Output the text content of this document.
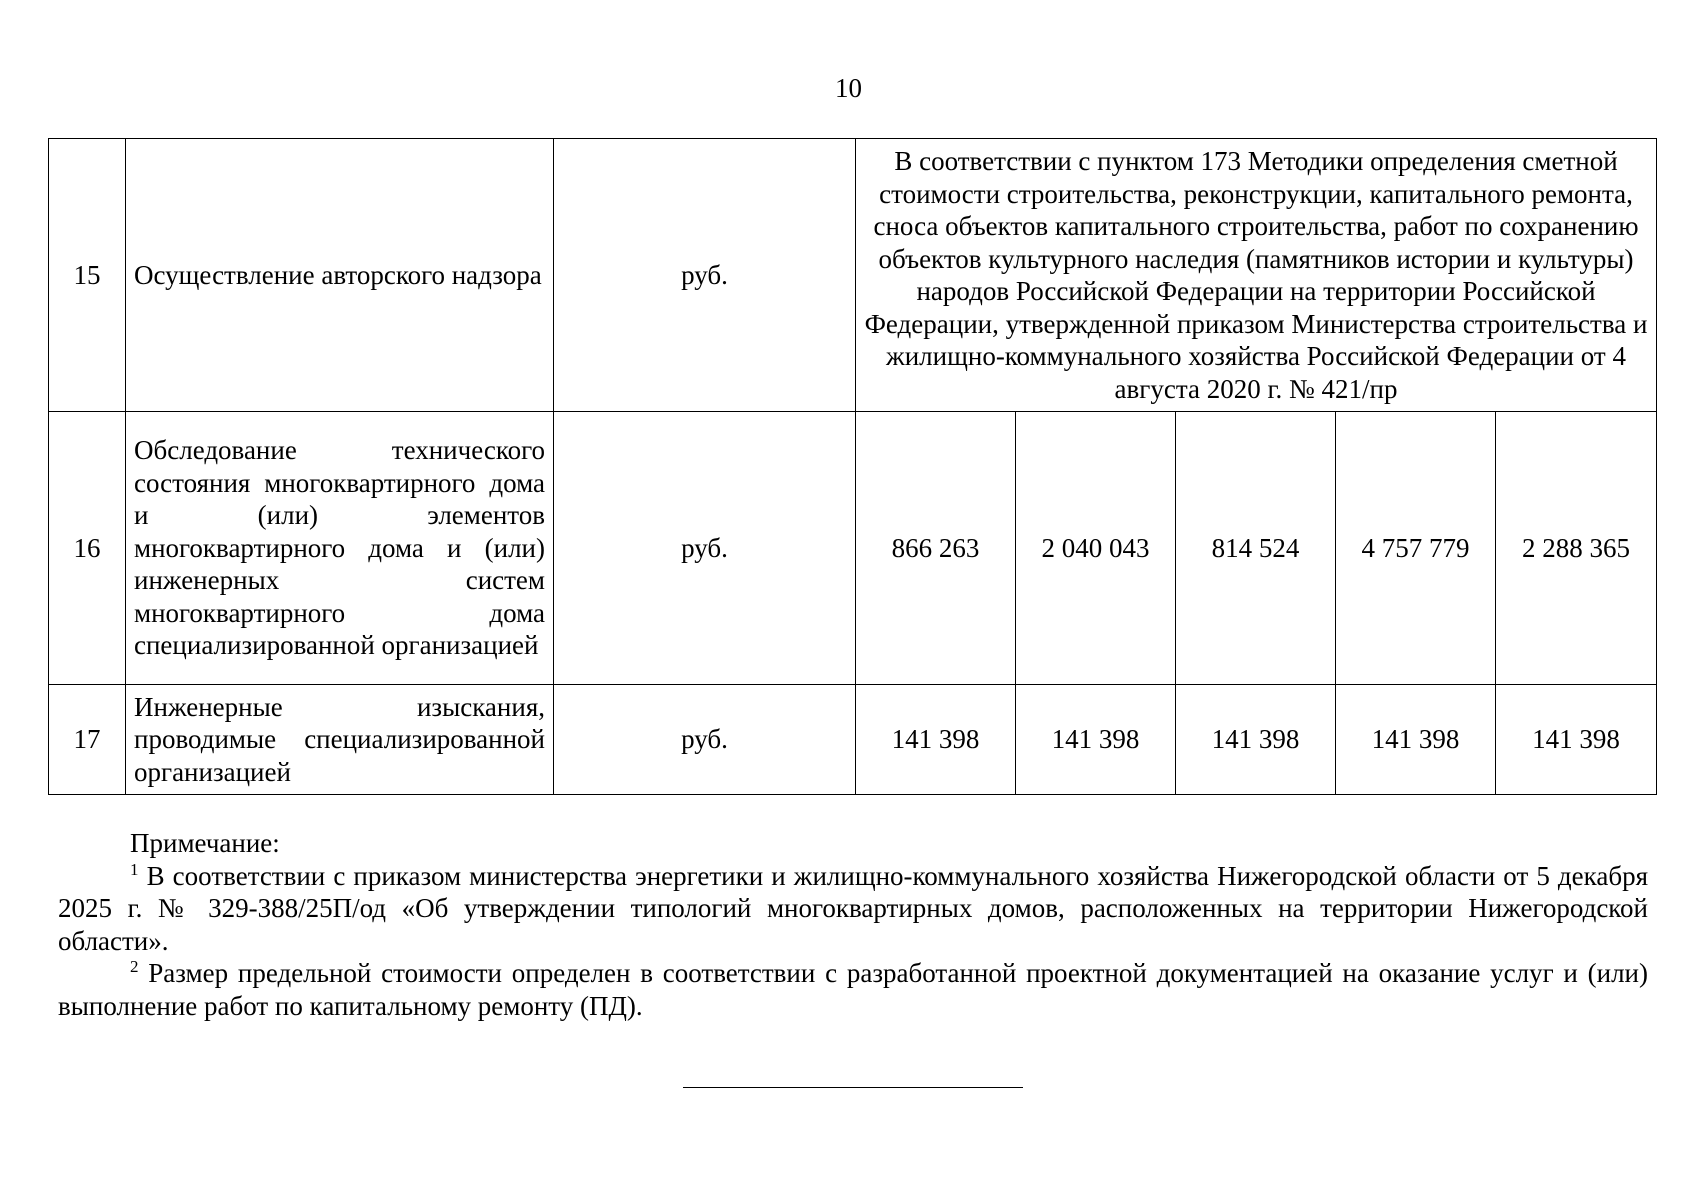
10
15	Осуществление авторского надзора	руб.	В соответствии с пунктом 173 Методики определения сметной стоимости строительства, реконструкции, капитального ремонта, сноса объектов капитального строительства, работ по сохранению объектов культурного наследия (памятников истории и культуры) народов Российской Федерации на территории Российской Федерации, утвержденной приказом Министерства строительства и жилищно-коммунального хозяйства Российской Федерации от 4 августа 2020 г. № 421/пр				
16	Обследование технического состояния многоквартирного дома и (или) элементов многоквартирного дома и (или) инженерных систем многоквартирного дома специализированной организацией	руб.	866 263	2 040 043	814 524	4 757 779	2 288 365
17	Инженерные изыскания, проводимые специализированной организацией	руб.	141 398	141 398	141 398	141 398	141 398
Примечание:
$^1$ В соответствии с приказом министерства энергетики и жилищно-коммунального хозяйства Нижегородской области от 5 декабря 2025 г. № 329-388/25П/од «Об утверждении типологий многоквартирных домов, расположенных на территории Нижегородской области».
$^2$ Размер предельной стоимости определен в соответствии с разработанной проектной документацией на оказание услуг и (или) выполнение работ по капитальному ремонту (ПД).
